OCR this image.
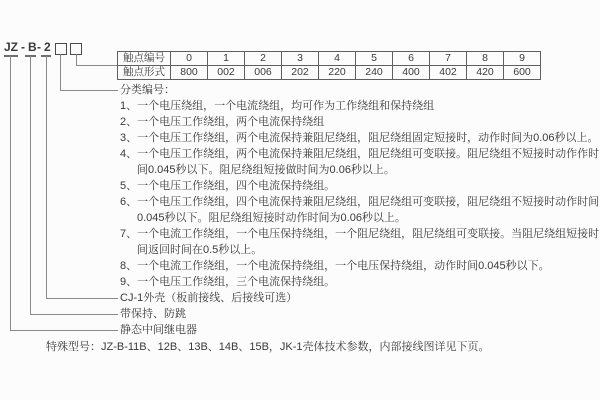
JZ - B - 2
触点编号	0	1	2	3	4	5	6	7	8	9
触点形式	800	002	006	202	220	240	400	402	420	600
分类编号：
1、一个电压绕组，一个电流绕组，均可作为工作绕组和保持绕组
2、一个电压工作绕组，两个电流保持绕组
3、一个电压工作绕组，两个电流保持兼阻尼绕组，阻尼绕组固定短接时，动作时间为0.06秒以上。
4、一个电压工作绕组，两个电流保持兼阻尼绕组，阻尼绕组可变联接。阻尼绕组不短接时动作作时
间0.045秒以下。阻尼绕组短接做时间为0.06秒以上。
5、一个电压工作绕组，四个电流保持绕组。
6、一个电压工作绕组，四个电流保持兼阻尼绕组，阻尼绕组可变联接，阻尼绕组不短接时动作时间
0.045秒以下。阻尼绕组短接时动作时间为0.06秒以上。
7、一个电流工作绕组，一个电压保持绕组，一个阻尼绕组，阻尼绕组可变联接。当阻尼绕组短接时
间返回时间在0.5秒以上。
8、一个电流工作绕组，一个电流保持绕组，一个电压保持绕组，动作时间0.045秒以下。
9、一个电压工作绕组，三个电流保持绕组。
CJ-1外壳（板前接线、后接线可选）
带保持、防跳
静态中间继电器
特殊型号：JZ-B-11B、12B、13B、14B、15B，JK-1壳体技术参数，内部接线图详见下页。
